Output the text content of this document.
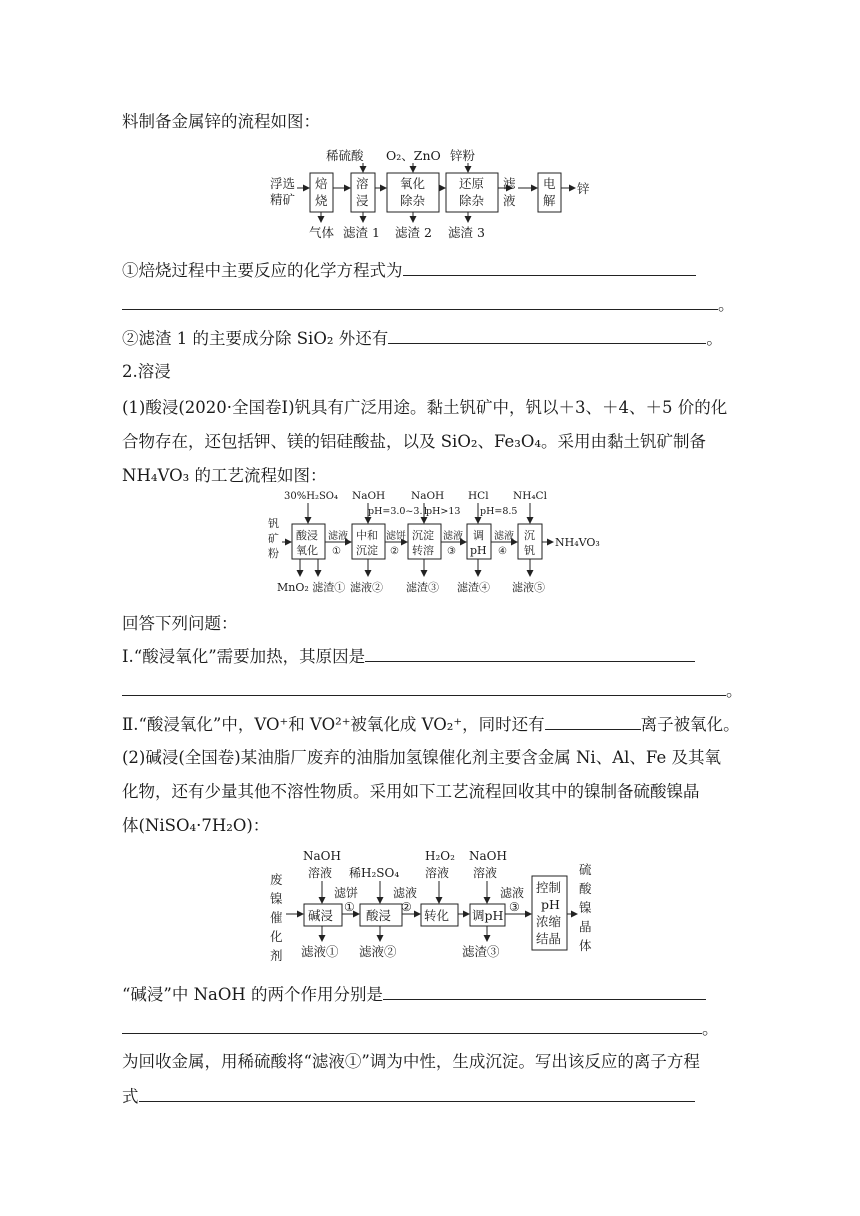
料制备金属锌的流程如图：
①焙烧过程中主要反应的化学方程式为
。
②滤渣 1 的主要成分除 SiO₂ 外还有	。
2.溶浸
(1)酸浸(2020·全国卷Ⅰ)钒具有广泛用途。黏土钒矿中，钒以＋3、＋4、＋5 价的化
合物存在，还包括钾、镁的铝硅酸盐，以及 SiO₂、Fe₃O₄。采用由黏土钒矿制备
NH₄VO₃ 的工艺流程如图：
回答下列问题：
Ⅰ.“酸浸氧化”需要加热，其原因是
。
Ⅱ.“酸浸氧化”中，VO⁺和 VO²⁺被氧化成 VO₂⁺，同时还有	离子被氧化。
(2)碱浸(全国卷)某油脂厂废弃的油脂加氢镍催化剂主要含金属 Ni、Al、Fe 及其氧
化物，还有少量其他不溶性物质。采用如下工艺流程回收其中的镍制备硫酸镍晶
体(NiSO₄·7H₂O)：
“碱浸”中 NaOH 的两个作用分别是
。
为回收金属，用稀硫酸将“滤液①”调为中性，生成沉淀。写出该反应的离子方程
式
浮选
精矿
焙
烧
溶
浸
氧化
除杂
还原
除杂
滤
液
电
解
锌
稀硫酸 O₂、ZnO 锌粉
气体 滤渣 1 滤渣 2 滤渣 3
钒
矿
粉
酸浸
氧化
滤液
①
中和
沉淀
滤饼
②
沉淀
转溶
滤液
③
调
pH
滤液
④
沉
钒
NH₄VO₃
30%H₂SO₄ NaOH
pH=3.0~3.1
NaOH
pH>13
HCl
pH=8.5
NH₄Cl
MnO₂ 滤渣① 滤液② 滤渣③ 滤渣④ 滤液⑤
废
镍
催
化
剂
碱浸
滤饼
①
酸浸
滤液
②
转化 调pH
滤液
③
控制
pH
浓缩
结晶
硫
酸
镍
晶
体
NaOH
溶液 稀H₂SO₄
H₂O₂
溶液
NaOH
溶液
滤液① 滤液②	滤渣③
